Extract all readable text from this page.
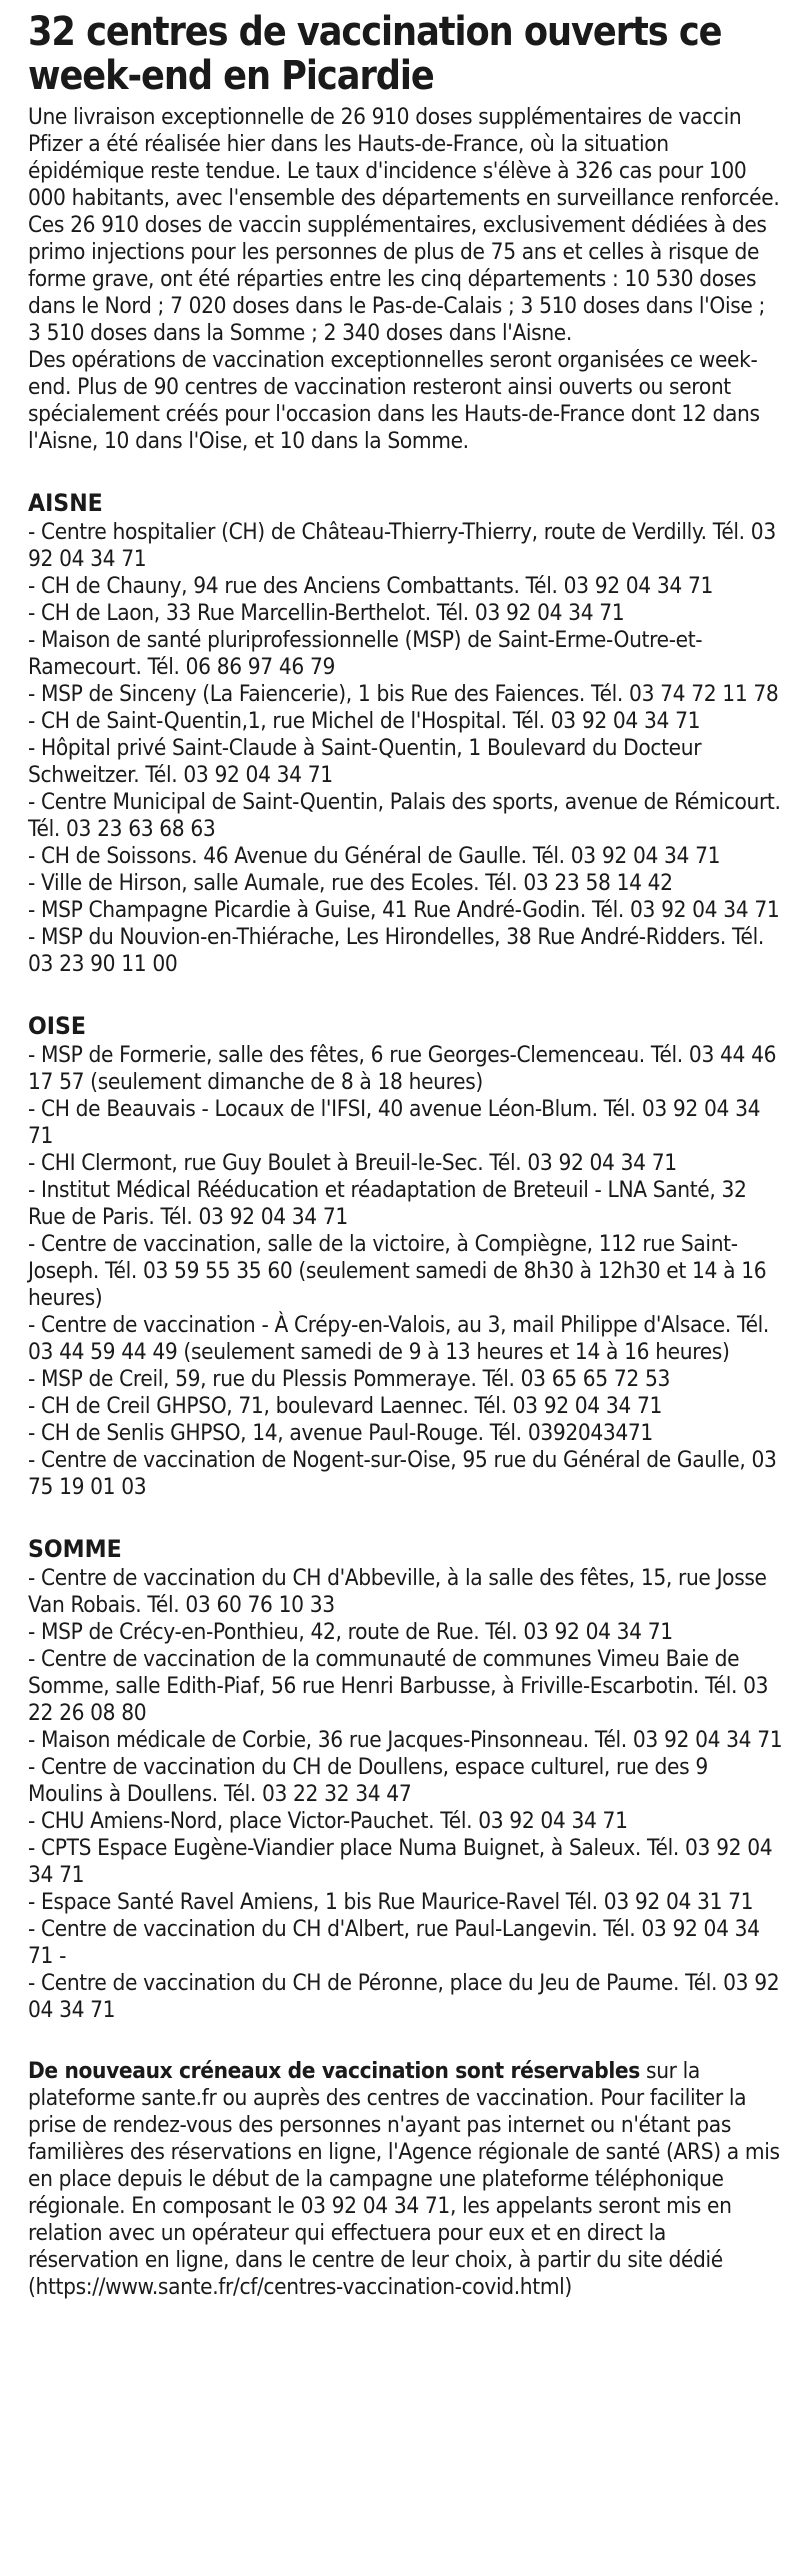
32 centres de vaccination ouverts ce week-end en Picardie

Une livraison exceptionnelle de 26 910 doses supplémentaires de vaccin Pfizer a été réalisée hier dans les Hauts-de-France, où la situation épidémique reste tendue. Le taux d'incidence s'élève à 326 cas pour 100 000 habitants, avec l'ensemble des départements en surveillance renforcée. Ces 26 910 doses de vaccin supplémentaires, exclusivement dédiées à des primo injections pour les personnes de plus de 75 ans et celles à risque de forme grave, ont été réparties entre les cinq départements : 10 530 doses dans le Nord ; 7 020 doses dans le Pas-de-Calais ; 3 510 doses dans l'Oise ; 3 510 doses dans la Somme ; 2 340 doses dans l'Aisne.

Des opérations de vaccination exceptionnelles seront organisées ce week-end. Plus de 90 centres de vaccination resteront ainsi ouverts ou seront spécialement créés pour l'occasion dans les Hauts-de-France dont 12 dans l'Aisne, 10 dans l'Oise, et 10 dans la Somme.

AISNE
- Centre hospitalier (CH) de Château-Thierry-Thierry, route de Verdilly. Tél. 03 92 04 34 71
- CH de Chauny, 94 rue des Anciens Combattants. Tél. 03 92 04 34 71
- CH de Laon, 33 Rue Marcellin-Berthelot. Tél. 03 92 04 34 71
- Maison de santé pluriprofessionnelle (MSP) de Saint-Erme-Outre-et-Ramecourt. Tél. 06 86 97 46 79
- MSP de Sinceny (La Faiencerie), 1 bis Rue des Faiences. Tél. 03 74 72 11 78
- CH de Saint-Quentin,1, rue Michel de l'Hospital. Tél. 03 92 04 34 71
- Hôpital privé Saint-Claude à Saint-Quentin, 1 Boulevard du Docteur Schweitzer. Tél. 03 92 04 34 71
- Centre Municipal de Saint-Quentin, Palais des sports, avenue de Rémicourt. Tél. 03 23 63 68 63
- CH de Soissons. 46 Avenue du Général de Gaulle. Tél. 03 92 04 34 71
- Ville de Hirson, salle Aumale, rue des Ecoles. Tél. 03 23 58 14 42
- MSP Champagne Picardie à Guise, 41 Rue André-Godin. Tél. 03 92 04 34 71
- MSP du Nouvion-en-Thiérache, Les Hirondelles, 38 Rue André-Ridders. Tél. 03 23 90 11 00
OISE
- MSP de Formerie, salle des fêtes, 6 rue Georges-Clemenceau. Tél. 03 44 46 17 57 (seulement dimanche de 8 à 18 heures)
- CH de Beauvais - Locaux de l'IFSI, 40 avenue Léon-Blum. Tél. 03 92 04 34 71
- CHI Clermont, rue Guy Boulet à Breuil-le-Sec. Tél. 03 92 04 34 71
- Institut Médical Rééducation et réadaptation de Breteuil - LNA Santé, 32 Rue de Paris. Tél. 03 92 04 34 71
- Centre de vaccination, salle de la victoire, à Compiègne, 112 rue Saint-Joseph. Tél. 03 59 55 35 60 (seulement samedi de 8h30 à 12h30 et 14 à 16 heures)
- Centre de vaccination - À Crépy-en-Valois, au 3, mail Philippe d'Alsace. Tél. 03 44 59 44 49 (seulement samedi de 9 à 13 heures et 14 à 16 heures)
- MSP de Creil, 59, rue du Plessis Pommeraye. Tél. 03 65 65 72 53
- CH de Creil GHPSO, 71, boulevard Laennec. Tél. 03 92 04 34 71
- CH de Senlis GHPSO, 14, avenue Paul-Rouge. Tél. 0392043471
- Centre de vaccination de Nogent-sur-Oise, 95 rue du Général de Gaulle, 03 75 19 01 03
SOMME
- Centre de vaccination du CH d'Abbeville, à la salle des fêtes, 15, rue Josse Van Robais. Tél. 03 60 76 10 33
- MSP de Crécy-en-Ponthieu, 42, route de Rue. Tél. 03 92 04 34 71
- Centre de vaccination de la communauté de communes Vimeu Baie de Somme, salle Edith-Piaf, 56 rue Henri Barbusse, à Friville-Escarbotin. Tél. 03 22 26 08 80
- Maison médicale de Corbie, 36 rue Jacques-Pinsonneau. Tél. 03 92 04 34 71
- Centre de vaccination du CH de Doullens, espace culturel, rue des 9 Moulins à Doullens. Tél. 03 22 32 34 47
- CHU Amiens-Nord, place Victor-Pauchet. Tél. 03 92 04 34 71
- CPTS Espace Eugène-Viandier place Numa Buignet, à Saleux. Tél. 03 92 04 34 71
- Espace Santé Ravel Amiens, 1 bis Rue Maurice-Ravel Tél. 03 92 04 31 71
- Centre de vaccination du CH d'Albert, rue Paul-Langevin. Tél. 03 92 04 34 71 -
- Centre de vaccination du CH de Péronne, place du Jeu de Paume. Tél. 03 92 04 34 71
De nouveaux créneaux de vaccination sont réservables sur la plateforme sante.fr ou auprès des centres de vaccination. Pour faciliter la prise de rendez-vous des personnes n'ayant pas internet ou n'étant pas familières des réservations en ligne, l'Agence régionale de santé (ARS) a mis en place depuis le début de la campagne une plateforme téléphonique régionale. En composant le 03 92 04 34 71, les appelants seront mis en relation avec un opérateur qui effectuera pour eux et en direct la réservation en ligne, dans le centre de leur choix, à partir du site dédié (https://www.sante.fr/cf/centres-vaccination-covid.html)
